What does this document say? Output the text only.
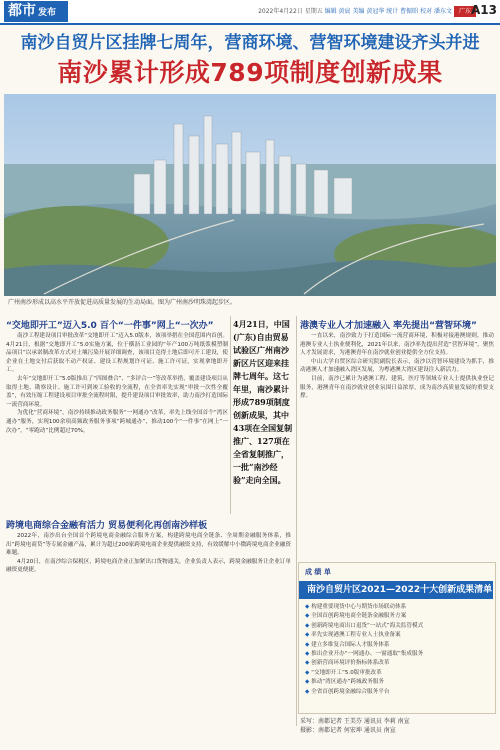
都市 发布	2022年4月22日 星期五 编辑 黄宸 美编 黄冠华 统计 曹振昭 校对 潘东文	广东 A13
南沙自贸片区挂牌七周年，营商环境、营智环境建设齐头并进
南沙累计形成789项制度创新成果
广州南沙形成以高水平开放促进高质量发展的生动局面。图为广州南沙明珠湾起步区。
“交地即开工”迈入5.0 百个“一件事”网上“一次办”

南沙工程建设项目审批改革“交地即开工”迈入5.0版本，该项举措在全国范围内首创。4月21日，根据“交地即开工”5.0实施方案，位于横沥工业园的“年产100万吨纸浆模塑制品项目”以承诺制改革方式对土壤污染开展详细调查，该项目竞得土地后即可开工建设，使企业在土地交付后获取不动产权证、建设工程规划许可证、施工许可证，实现拿地即开工。

去年“交地即开工”5.0版推出了“四图叠合”、“多评合一”等改革举措，覆盖建设项目从取得土地、勘察设计、施工许可到竣工验收的全流程，在全省率先实现“审批一次性全覆盖”，有效压缩工程建设项目审批全流程时限，提升建设项目审批效率，助力南沙打造国际一流营商环境。

为优化“营商环境”，南沙持续推动政务服务“一网通办”改革，率先上线全国首个“湾区通办”服务，实现100余项高频政务服务事项“跨城通办”，推动100个“一件事”在网上“一次办”，“零跑动”比例超过70%。

跨境电商综合金融有活力 贸易便利化再创南沙样板

2022年，南沙出台全国首个跨境电商金融综合服务方案，构建跨境电商全链条、全周期金融服务体系，推出“跨境电商贷”等专属金融产品，累计为超过200家跨境电商企业提供融资支持，有效缓解中小微跨境电商企业融资难题。

4月20日，在南沙综合保税区，跨境电商企业正加紧出口货物通关，企业负责人表示，跨境金融服务让企业订单融资更便捷。

4月21日，中国(广东)自由贸易试验区广州南沙新区片区迎来挂牌七周年。这七年里，南沙累计形成789项制度创新成果，其中43项在全国复制推广、127项在全省复制推广，一批“南沙经验”走向全国。
港澳专业人才加速融入 率先提出“营智环境”

一直以来，南沙致力于打造国际一流营商环境，积极对接港澳规则，推动港澳专业人士执业便利化，2021年以来，南沙率先提出营造“营智环境”，聚焦人才发展需求，为港澳青年在南沙就业创业提供全方位支持。

中山大学自贸区综合研究院副院长表示，南沙以营智环境建设为抓手，推动港澳人才加速融入湾区发展，为粤港澳大湾区建设注入新活力。

目前，南沙已累计为港澳工程、建筑、医疗等领域专业人士提供执业登记服务，港澳青年在南沙就业创业氛围日益浓厚，成为南沙高质量发展的重要支撑。

成 绩 单
南沙自贸片区2021—2022十大创新成果清单
◆ 构建重要现货中心与期货市场联动体系
◆ 全国首创跨境电商全链条金融服务方案
◆ 创新跨境电商出口退货“一站式”海关监管模式
◆ 率先实现港澳工程专业人士执业备案
◆ 建立多维复合国际人才服务体系
◆ 推出企业开办“一网通办、一窗通取”集成服务
◆ 创新营商环境评价指标体系改革
◆ “交地即开工”5.0版审批改革
◆ 推动“湾区通办”跨城政务服务
◆ 全省首创跨境金融综合服务平台
采写：南都记者 王美芬 通讯员 李莉 南宣
摄影：南都记者 何宏坤 通讯员 南宣
